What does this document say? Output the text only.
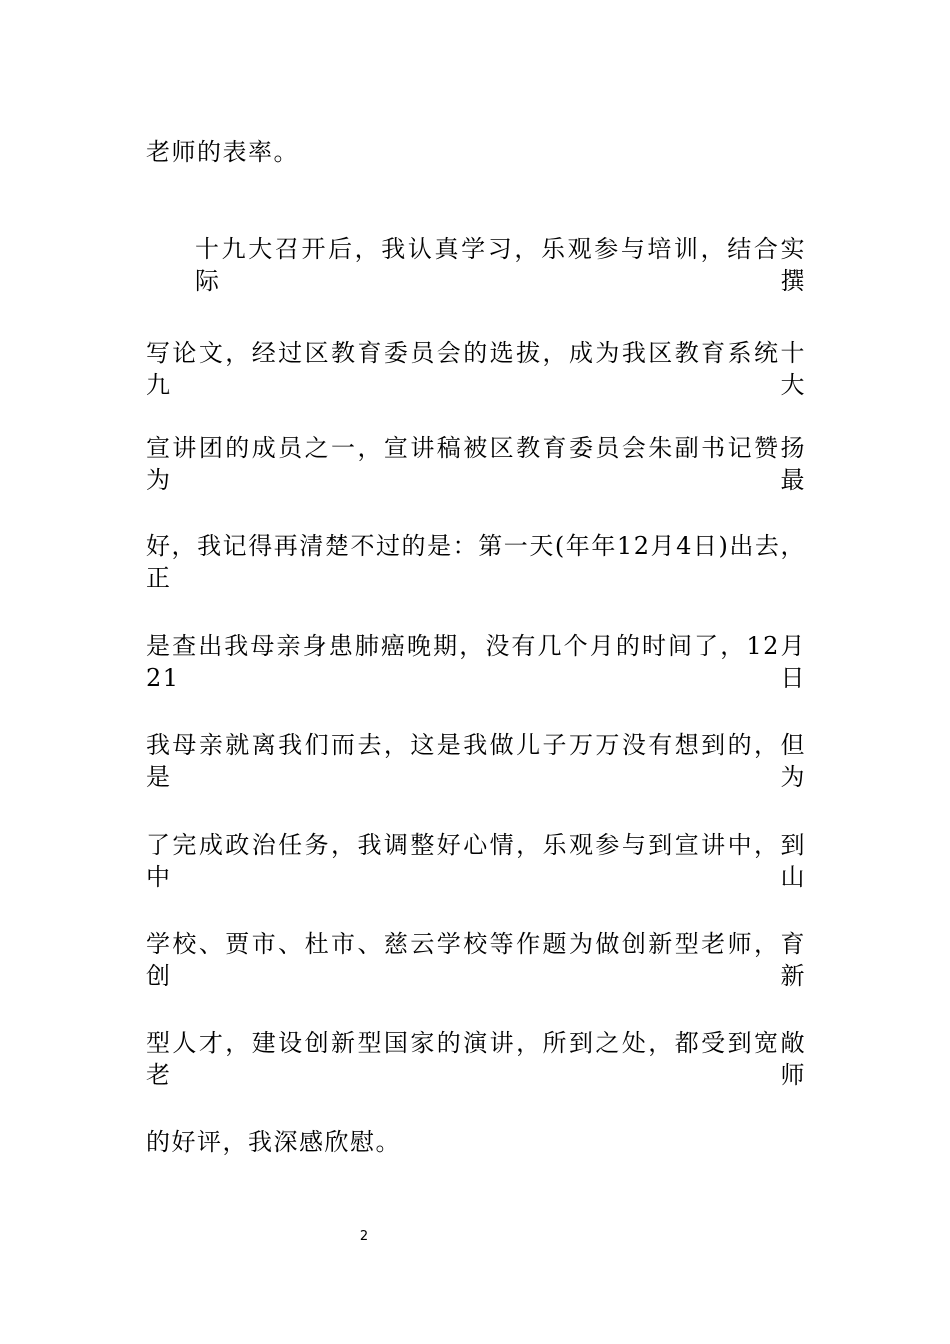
老师的表率。
十九大召开后，我认真学习，乐观参与培训，结合实际撰
写论文，经过区教育委员会的选拔，成为我区教育系统十九大
宣讲团的成员之一，宣讲稿被区教育委员会朱副书记赞扬为最
好，我记得再清楚不过的是：第一天(年年12月4日)出去，正
是查出我母亲身患肺癌晚期，没有几个月的时间了，12月21日
我母亲就离我们而去，这是我做儿子万万没有想到的，但是为
了完成政治任务，我调整好心情，乐观参与到宣讲中，到中山
学校、贾市、杜市、慈云学校等作题为做创新型老师，育创新
型人才，建设创新型国家的演讲，所到之处，都受到宽敞老师
的好评，我深感欣慰。
2
